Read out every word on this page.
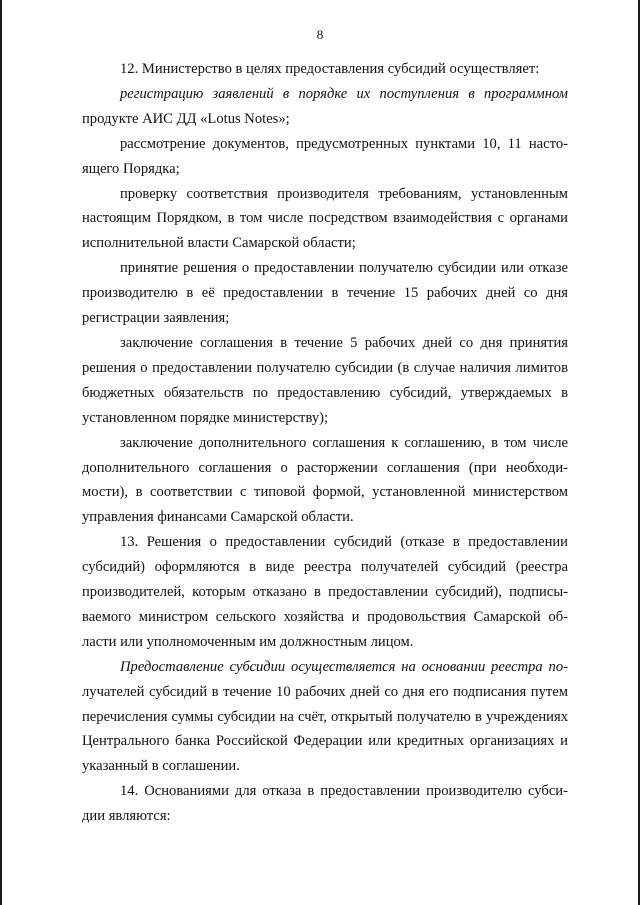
8

12. Министерство в целях предоставления субсидий осуществляет:

регистрацию заявлений в порядке их поступления в программном продукте АИС ДД «Lotus Notes»;

рассмотрение документов, предусмотренных пунктами 10, 11 настоящего Порядка;

проверку соответствия производителя требованиям, установленным настоящим Порядком, в том числе посредством взаимодействия с органами исполнительной власти Самарской области;

принятие решения о предоставлении получателю субсидии или отказе производителю в её предоставлении в течение 15 рабочих дней со дня регистрации заявления;

заключение соглашения в течение 5 рабочих дней со дня принятия решения о предоставлении получателю субсидии (в случае наличия лимитов бюджетных обязательств по предоставлению субсидий, утверждаемых в установленном порядке министерству);

заключение дополнительного соглашения к соглашению, в том числе дополнительного соглашения о расторжении соглашения (при необходимости), в соответствии с типовой формой, установленной министерством управления финансами Самарской области.

13. Решения о предоставлении субсидий (отказе в предоставлении субсидий) оформляются в виде реестра получателей субсидий (реестра производителей, которым отказано в предоставлении субсидий), подписываемого министром сельского хозяйства и продовольствия Самарской области или уполномоченным им должностным лицом.

Предоставление субсидии осуществляется на основании реестра получателей субсидий в течение 10 рабочих дней со дня его подписания путем перечисления суммы субсидии на счёт, открытый получателю в учреждениях Центрального банка Российской Федерации или кредитных организациях и указанный в соглашении.

14. Основаниями для отказа в предоставлении производителю субсидии являются:
